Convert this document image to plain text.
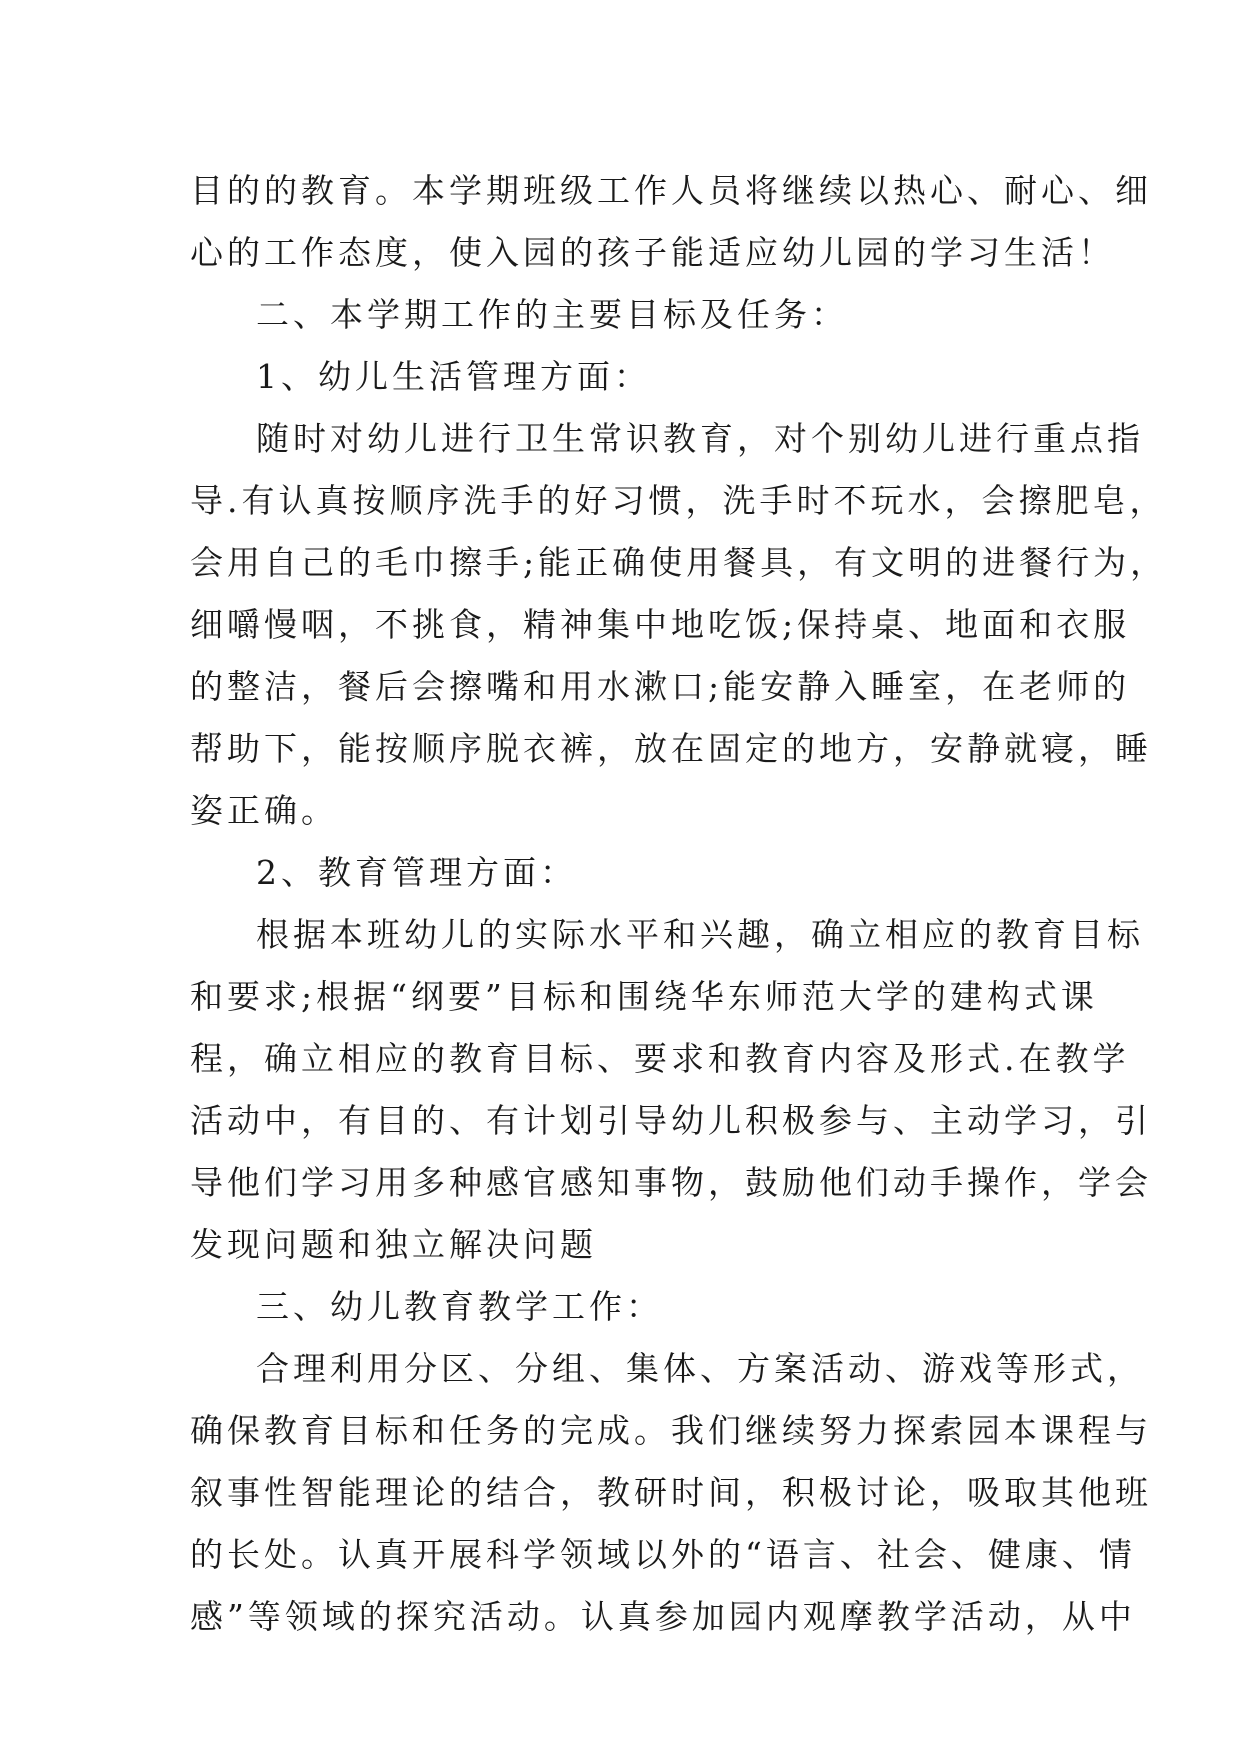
目的的教育。本学期班级工作人员将继续以热心、耐心、细
心的工作态度，使入园的孩子能适应幼儿园的学习生活！
二、本学期工作的主要目标及任务：
1、幼儿生活管理方面：
随时对幼儿进行卫生常识教育，对个别幼儿进行重点指
导.有认真按顺序洗手的好习惯，洗手时不玩水，会擦肥皂，
会用自己的毛巾擦手;能正确使用餐具，有文明的进餐行为，
细嚼慢咽，不挑食，精神集中地吃饭;保持桌、地面和衣服
的整洁，餐后会擦嘴和用水漱口;能安静入睡室，在老师的
帮助下，能按顺序脱衣裤，放在固定的地方，安静就寝，睡
姿正确。
2、教育管理方面：
根据本班幼儿的实际水平和兴趣，确立相应的教育目标
和要求;根据“纲要”目标和围绕华东师范大学的建构式课
程，确立相应的教育目标、要求和教育内容及形式.在教学
活动中，有目的、有计划引导幼儿积极参与、主动学习，引
导他们学习用多种感官感知事物，鼓励他们动手操作，学会
发现问题和独立解决问题
三、幼儿教育教学工作：
合理利用分区、分组、集体、方案活动、游戏等形式，
确保教育目标和任务的完成。我们继续努力探索园本课程与
叙事性智能理论的结合，教研时间，积极讨论，吸取其他班
的长处。认真开展科学领域以外的“语言、社会、健康、情
感”等领域的探究活动。认真参加园内观摩教学活动，从中
